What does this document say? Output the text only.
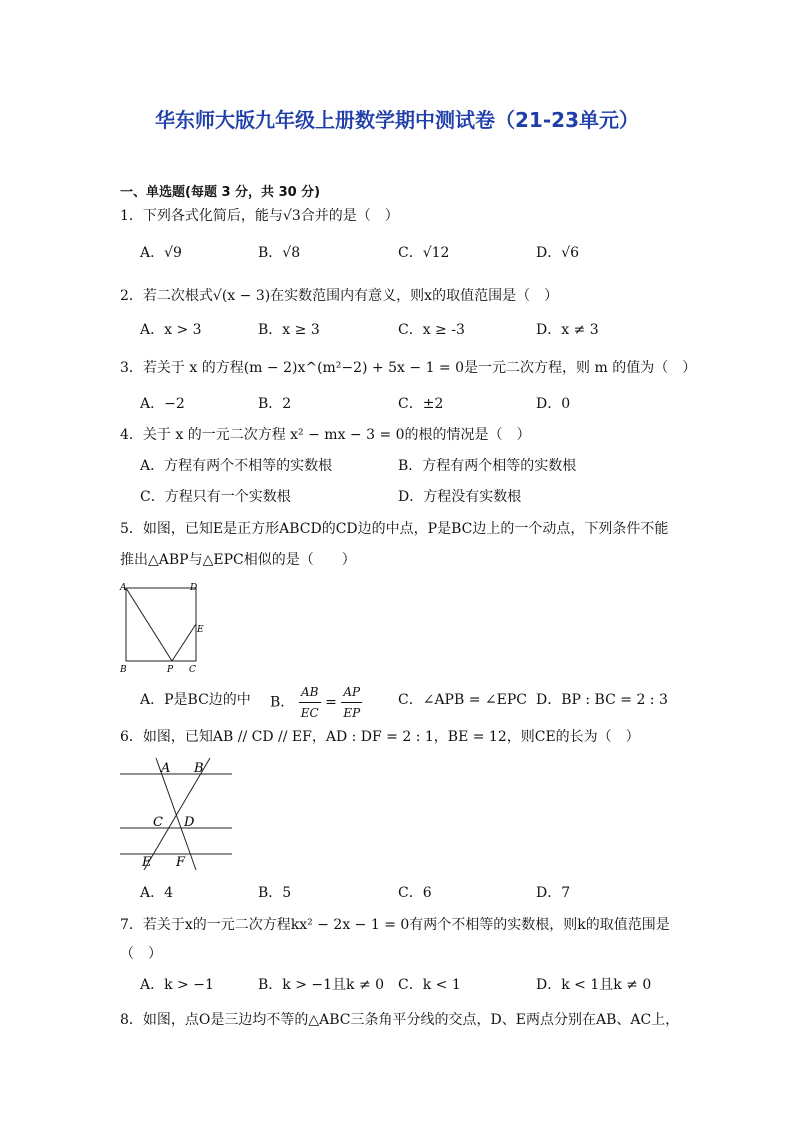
华东师大版九年级上册数学期中测试卷（21-23单元）
一、单选题(每题 3 分，共 30 分)
1．下列各式化简后，能与√3合并的是（　）
A．√9	B．√8	C．√12	D．√6
2．若二次根式√(x − 3)在实数范围内有意义，则x的取值范围是（　）
A．x > 3	B．x ≥ 3	C．x ≥ -3	D．x ≠ 3
3．若关于 x 的方程(m − 2)x^(m²−2) + 5x − 1 = 0是一元二次方程，则 m 的值为（　）
A．−2	B．2	C．±2	D．0
4．关于 x 的一元二次方程 x² − mx − 3 = 0的根的情况是（　）
A．方程有两个不相等的实数根	B．方程有两个相等的实数根
C．方程只有一个实数根	D．方程没有实数根
5．如图，已知E是正方形ABCD的CD边的中点，P是BC边上的一个动点，下列条件不能
推出△ABP与△EPC相似的是（　　）
A	D
E
B	P C
A．P是BC边的中 B． $\frac{AB}{EC} = \frac{AP}{EP}$	C．∠APB = ∠EPC D．BP : BC = 2 : 3
6．如图，已知AB // CD // EF，AD : DF = 2 : 1，BE = 12，则CE的长为（　）
A B
C D
E F
A．4	B．5	C．6	D．7
7．若关于x的一元二次方程kx² − 2x − 1 = 0有两个不相等的实数根，则k的取值范围是
（　）
A．k > −1	B．k > −1且k ≠ 0 C．k < 1	D．k < 1且k ≠ 0
8．如图，点O是三边均不等的△ABC三条角平分线的交点，D、E两点分别在AB、AC上，
